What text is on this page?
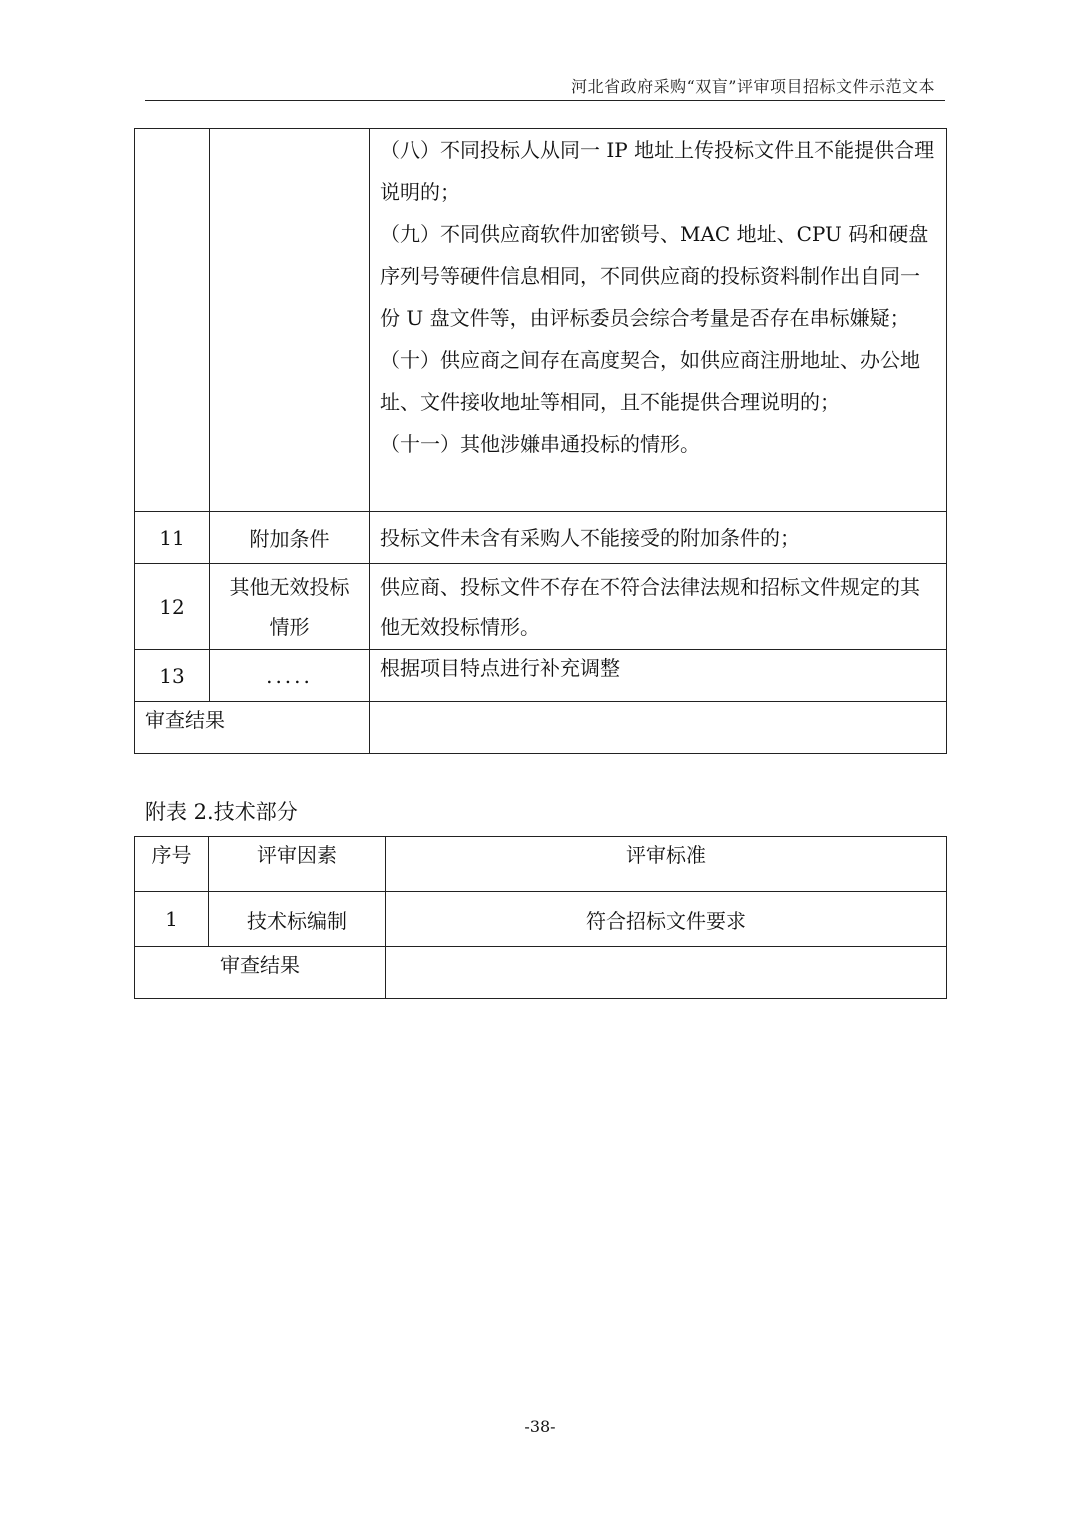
河北省政府采购“双盲”评审项目招标文件示范文本

		（八）不同投标人从同一 IP 地址上传投标文件且不能提供合理说明的；
（九）不同供应商软件加密锁号、MAC 地址、CPU 码和硬盘序列号等硬件信息相同，不同供应商的投标资料制作出自同一份 U 盘文件等，由评标委员会综合考量是否存在串标嫌疑；
（十）供应商之间存在高度契合，如供应商注册地址、办公地址、文件接收地址等相同，且不能提供合理说明的；
（十一）其他涉嫌串通投标的情形。

11	附加条件	投标文件未含有采购人不能接受的附加条件的；
12	其他无效投标情形	供应商、投标文件不存在不符合法律法规和招标文件规定的其他无效投标情形。
13	.....	根据项目特点进行补充调整
审查结果		
附表 2.技术部分
序号	评审因素	评审标准
1	技术标编制	符合招标文件要求
审查结果		
-38-
